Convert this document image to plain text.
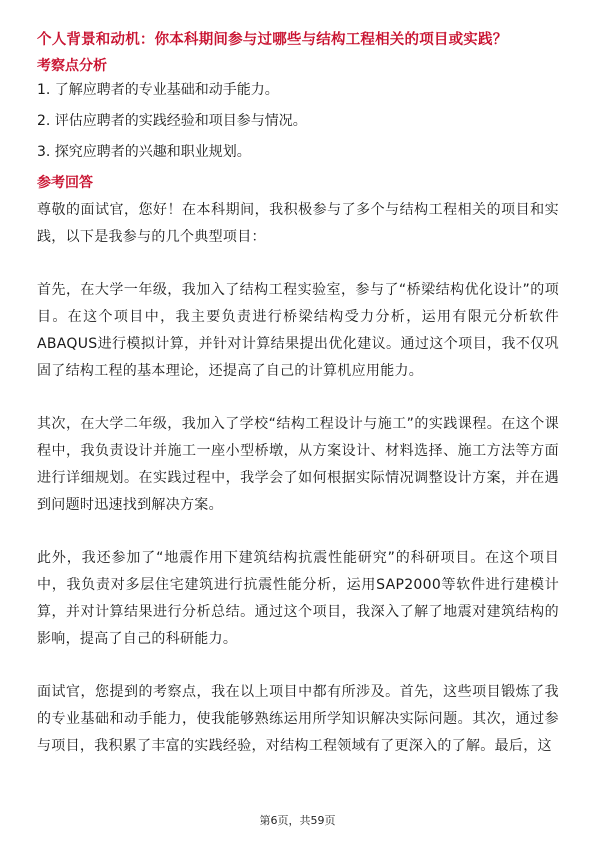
个人背景和动机：你本科期间参与过哪些与结构工程相关的项目或实践？
考察点分析
1. 了解应聘者的专业基础和动手能力。
2. 评估应聘者的实践经验和项目参与情况。
3. 探究应聘者的兴趣和职业规划。
参考回答

尊敬的面试官，您好！在本科期间，我积极参与了多个与结构工程相关的项目和实践，以下是我参与的几个典型项目：

首先，在大学一年级，我加入了结构工程实验室，参与了“桥梁结构优化设计”的项目。在这个项目中，我主要负责进行桥梁结构受力分析，运用有限元分析软件ABAQUS进行模拟计算，并针对计算结果提出优化建议。通过这个项目，我不仅巩固了结构工程的基本理论，还提高了自己的计算机应用能力。

其次，在大学二年级，我加入了学校“结构工程设计与施工”的实践课程。在这个课程中，我负责设计并施工一座小型桥墩，从方案设计、材料选择、施工方法等方面进行详细规划。在实践过程中，我学会了如何根据实际情况调整设计方案，并在遇到问题时迅速找到解决方案。

此外，我还参加了“地震作用下建筑结构抗震性能研究”的科研项目。在这个项目中，我负责对多层住宅建筑进行抗震性能分析，运用SAP2000等软件进行建模计算，并对计算结果进行分析总结。通过这个项目，我深入了解了地震对建筑结构的影响，提高了自己的科研能力。

面试官，您提到的考察点，我在以上项目中都有所涉及。首先，这些项目锻炼了我的专业基础和动手能力，使我能够熟练运用所学知识解决实际问题。其次，通过参与项目，我积累了丰富的实践经验，对结构工程领域有了更深入的了解。最后，这

第6页，共59页
